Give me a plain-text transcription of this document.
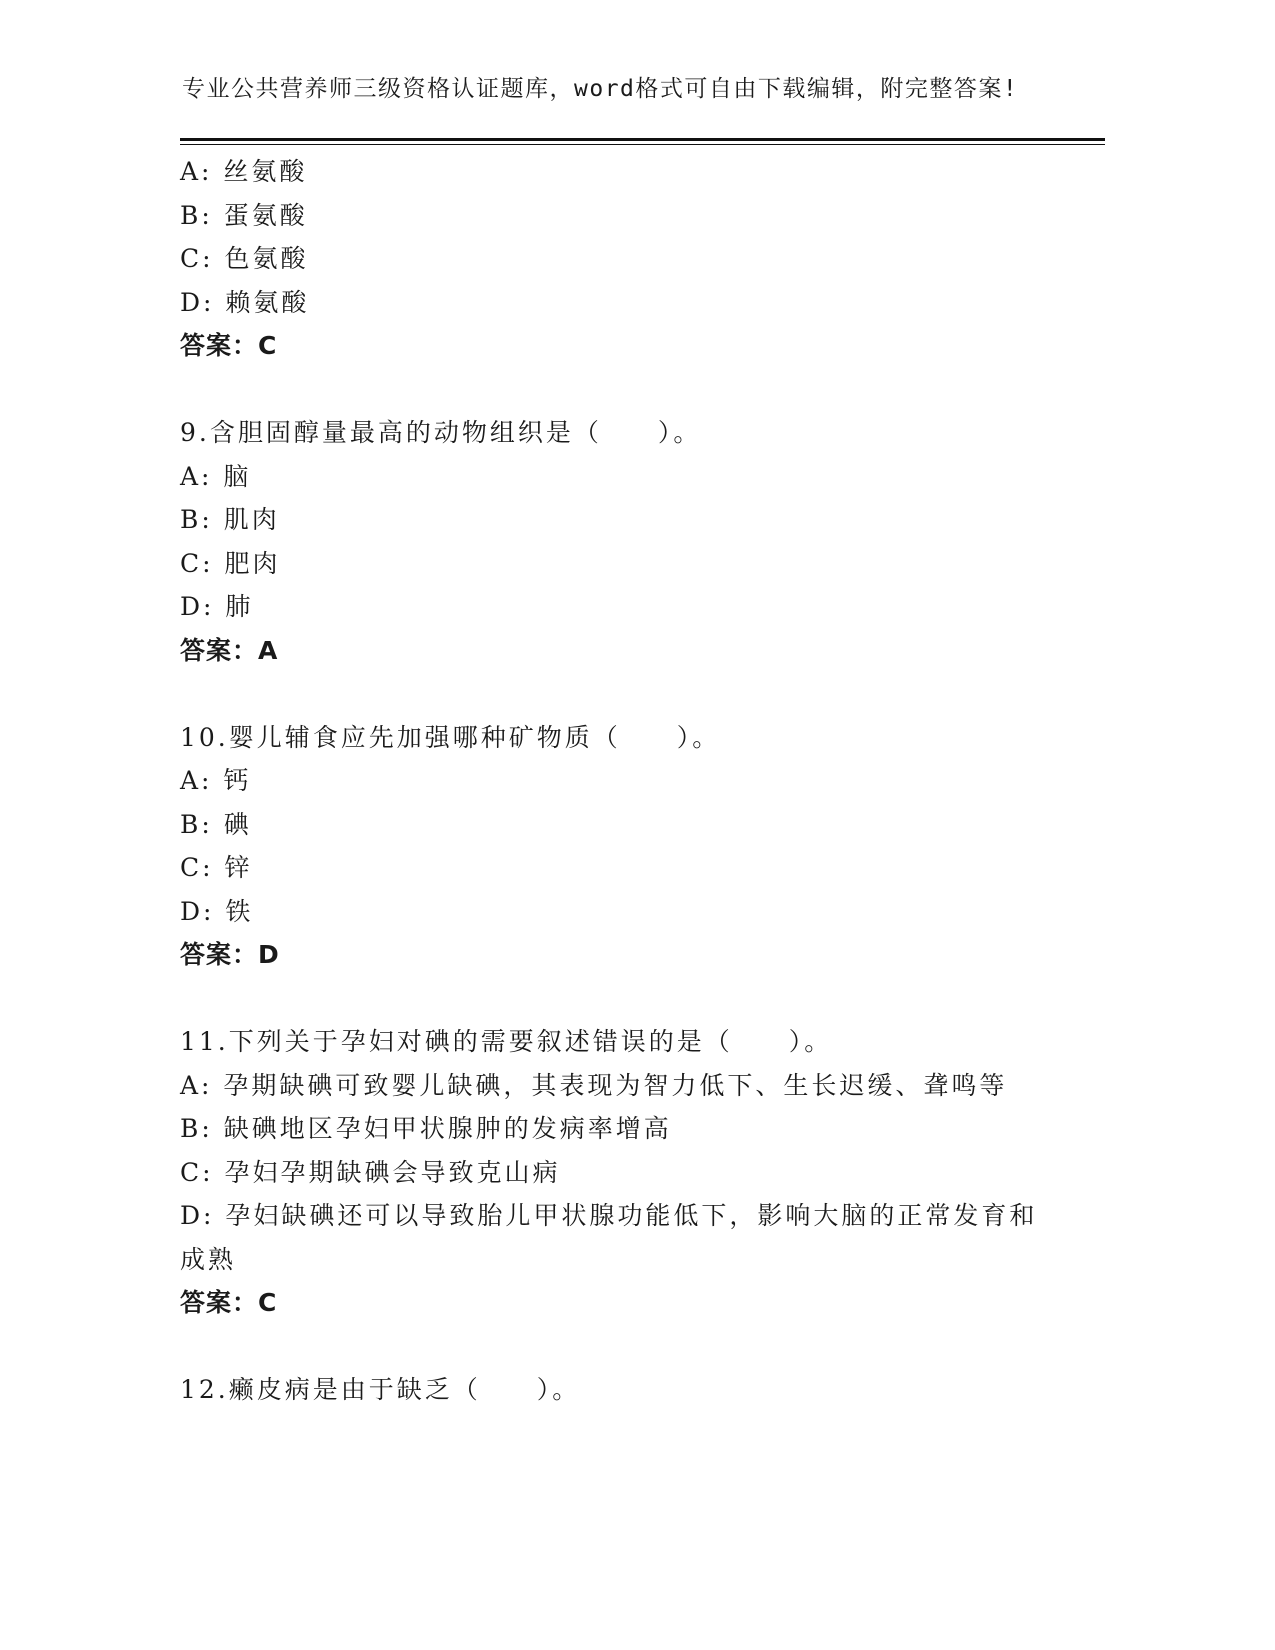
专业公共营养师三级资格认证题库，word格式可自由下载编辑，附完整答案!
A: 丝氨酸
B: 蛋氨酸
C: 色氨酸
D: 赖氨酸
答案：C
9.含胆固醇量最高的动物组织是（　　）。
A: 脑
B: 肌肉
C: 肥肉
D: 肺
答案：A
10.婴儿辅食应先加强哪种矿物质（　　）。
A: 钙
B: 碘
C: 锌
D: 铁
答案：D
11.下列关于孕妇对碘的需要叙述错误的是（　　）。
A: 孕期缺碘可致婴儿缺碘，其表现为智力低下、生长迟缓、聋鸣等
B: 缺碘地区孕妇甲状腺肿的发病率增高
C: 孕妇孕期缺碘会导致克山病
D: 孕妇缺碘还可以导致胎儿甲状腺功能低下，影响大脑的正常发育和成熟
答案：C
12.癞皮病是由于缺乏（　　）。
